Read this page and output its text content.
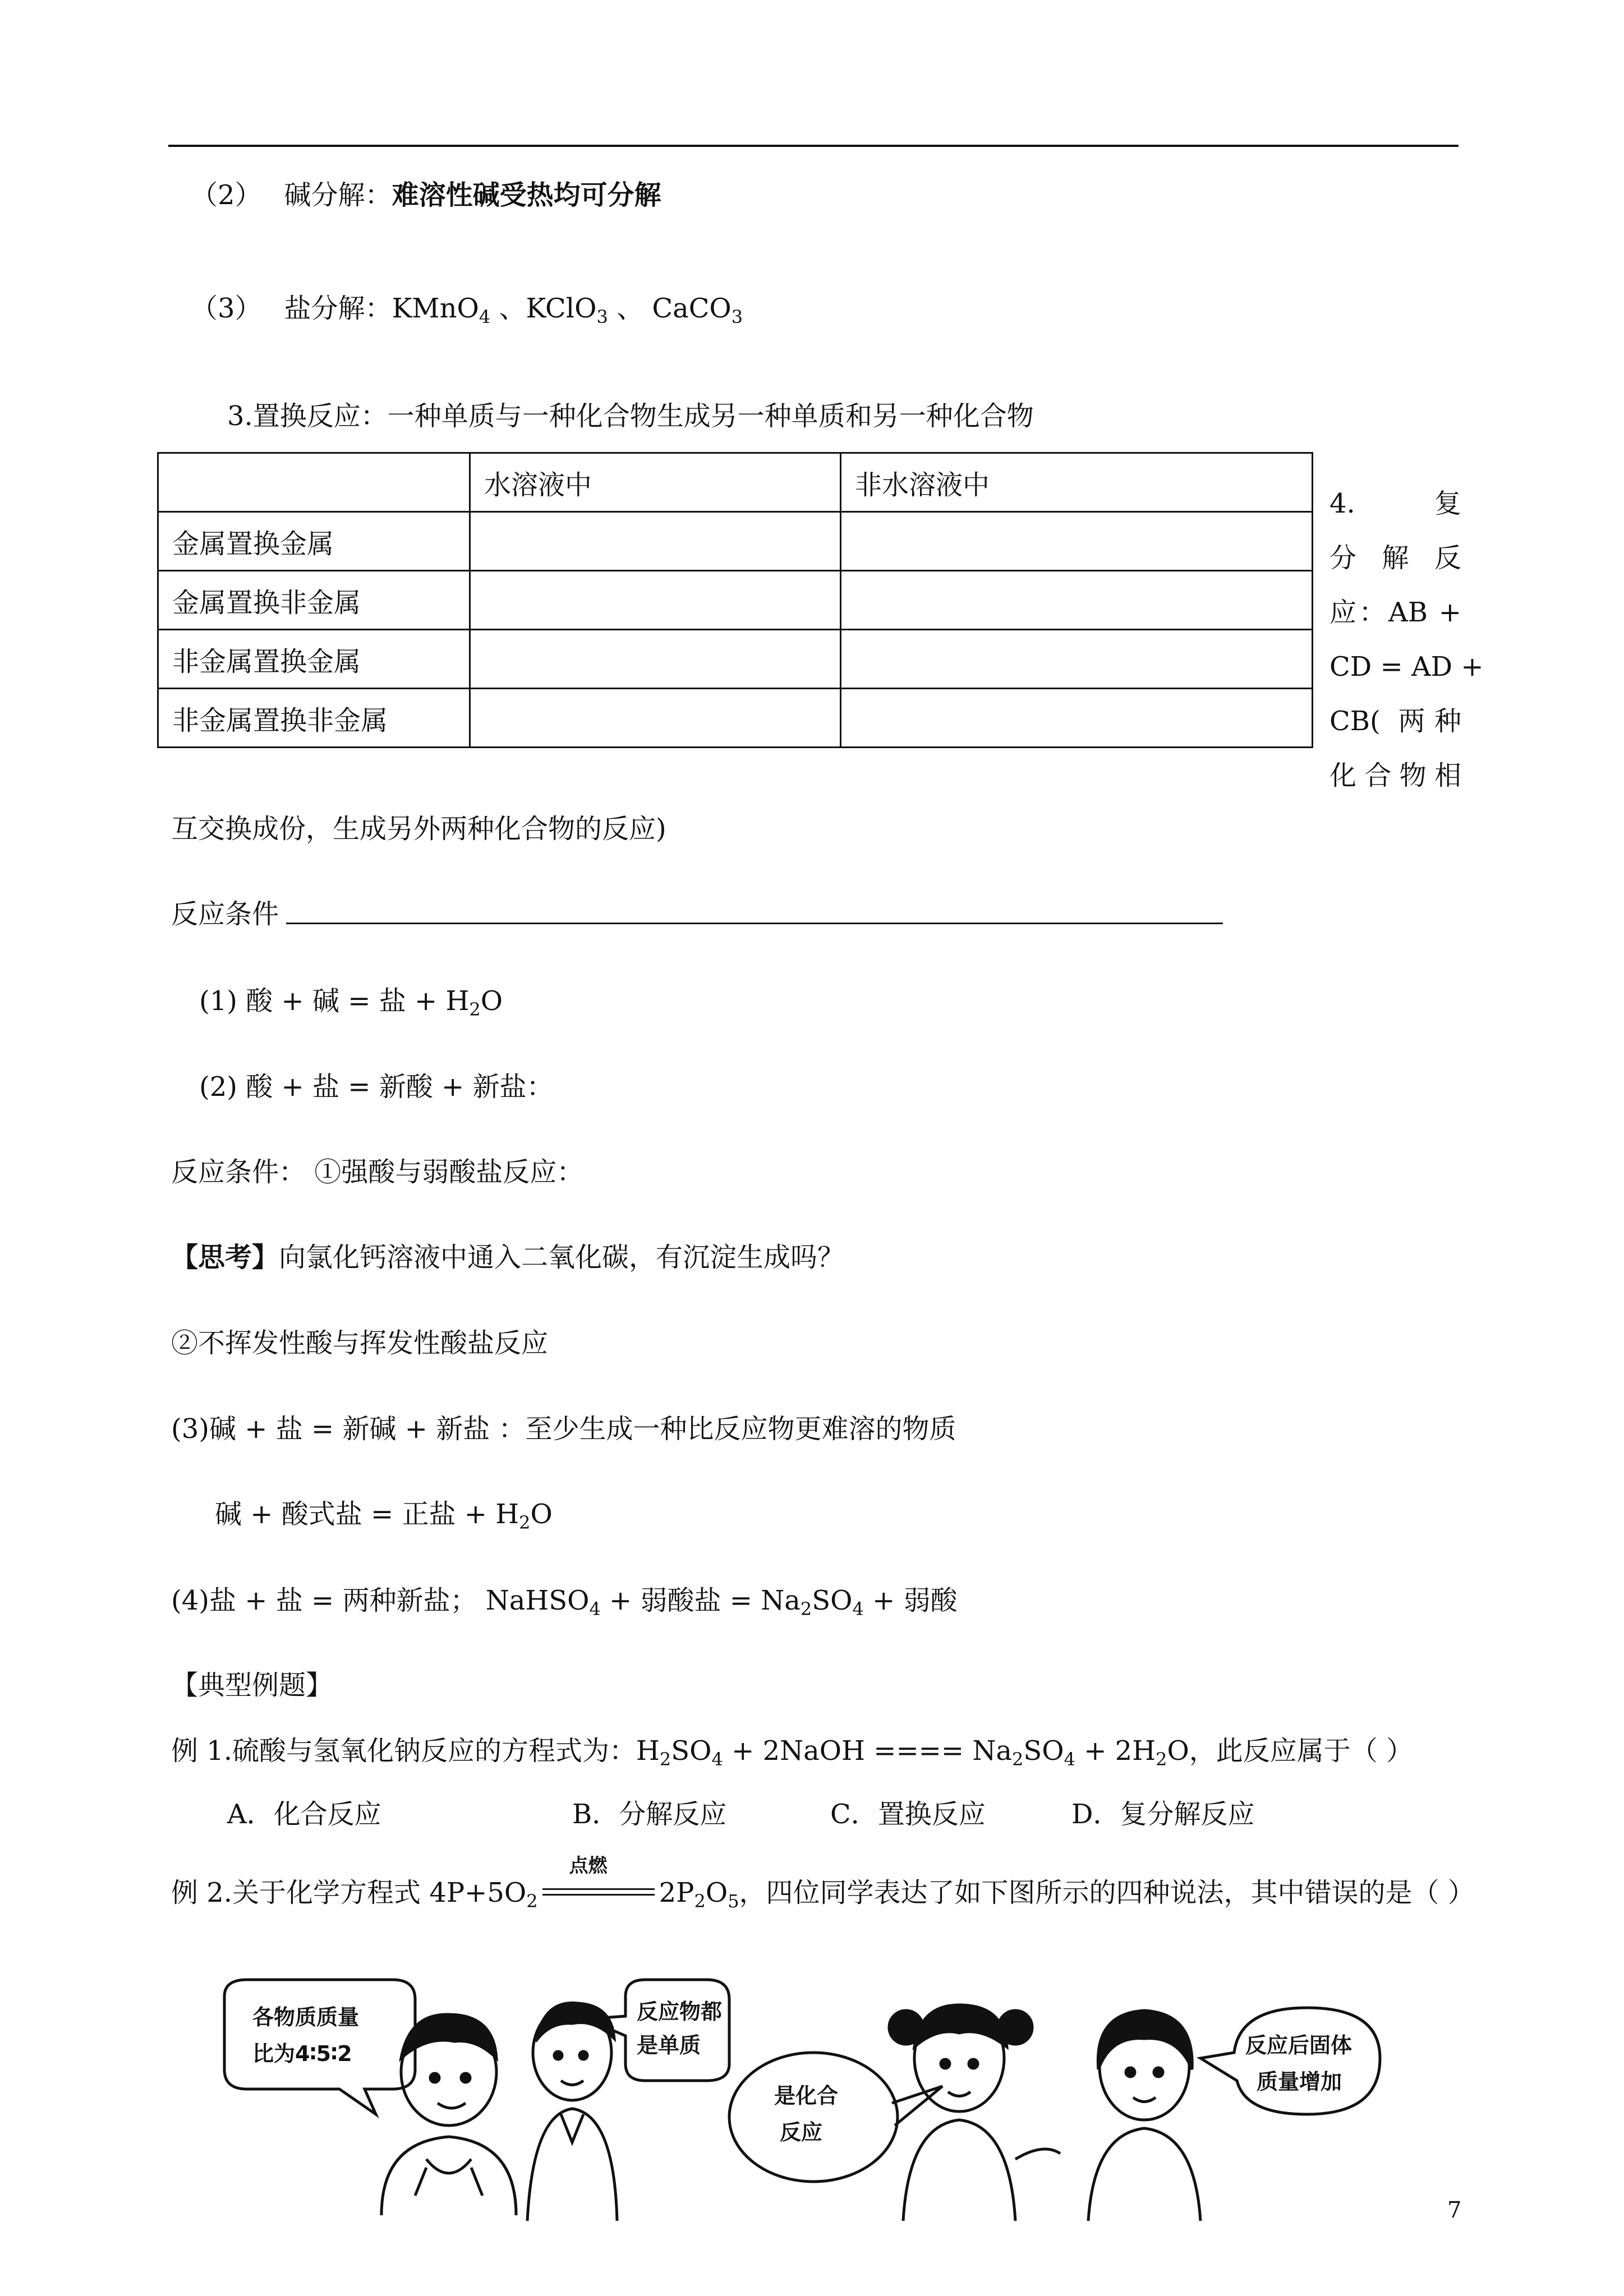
（2） 碱分解：难溶性碱受热均可分解
（3） 盐分解：KMnO$_4$ 、KClO$_3$ 、 CaCO$_3$
3.置换反应：一种单质与一种化合物生成另一种单质和另一种化合物
	水溶液中	非水溶液中
金属置换金属		
金属置换非金属		
非金属置换金属		
非金属置换非金属		
4. 复
分解反
应：AB +
CD = AD +
CB( 两种
化合物相
互交换成份，生成另外两种化合物的反应)
反应条件
(1) 酸 + 碱 = 盐 + $H_2O$
(2) 酸 + 盐 = 新酸 + 新盐：
反应条件： ①强酸与弱酸盐反应：
【思考】向氯化钙溶液中通入二氧化碳，有沉淀生成吗？
②不挥发性酸与挥发性酸盐反应
(3)碱 + 盐 = 新碱 + 新盐 ：至少生成一种比反应物更难溶的物质
碱 + 酸式盐 = 正盐 + $H_2O$
(4)盐 + 盐 = 两种新盐； NaHSO$_4$ + 弱酸盐 = $Na_2SO_4$ + 弱酸
【典型例题】
例 1.硫酸与氢氧化钠反应的方程式为：$H_2SO_4$ + 2NaOH ==== $Na_2SO_4 + 2H_2O$，此反应属于（ ）
A．化合反应	B．分解反应	C．置换反应	D．复分解反应
例 2.关于化学方程式 $4P+5O_2$
点燃
$2P_2O_5$，四位同学表达了如下图所示的四种说法，其中错误的是（ ）
各物质质量
比为4∶5∶2
反应物都
是单质
是化合
反应
反应后固体
质量增加
7
